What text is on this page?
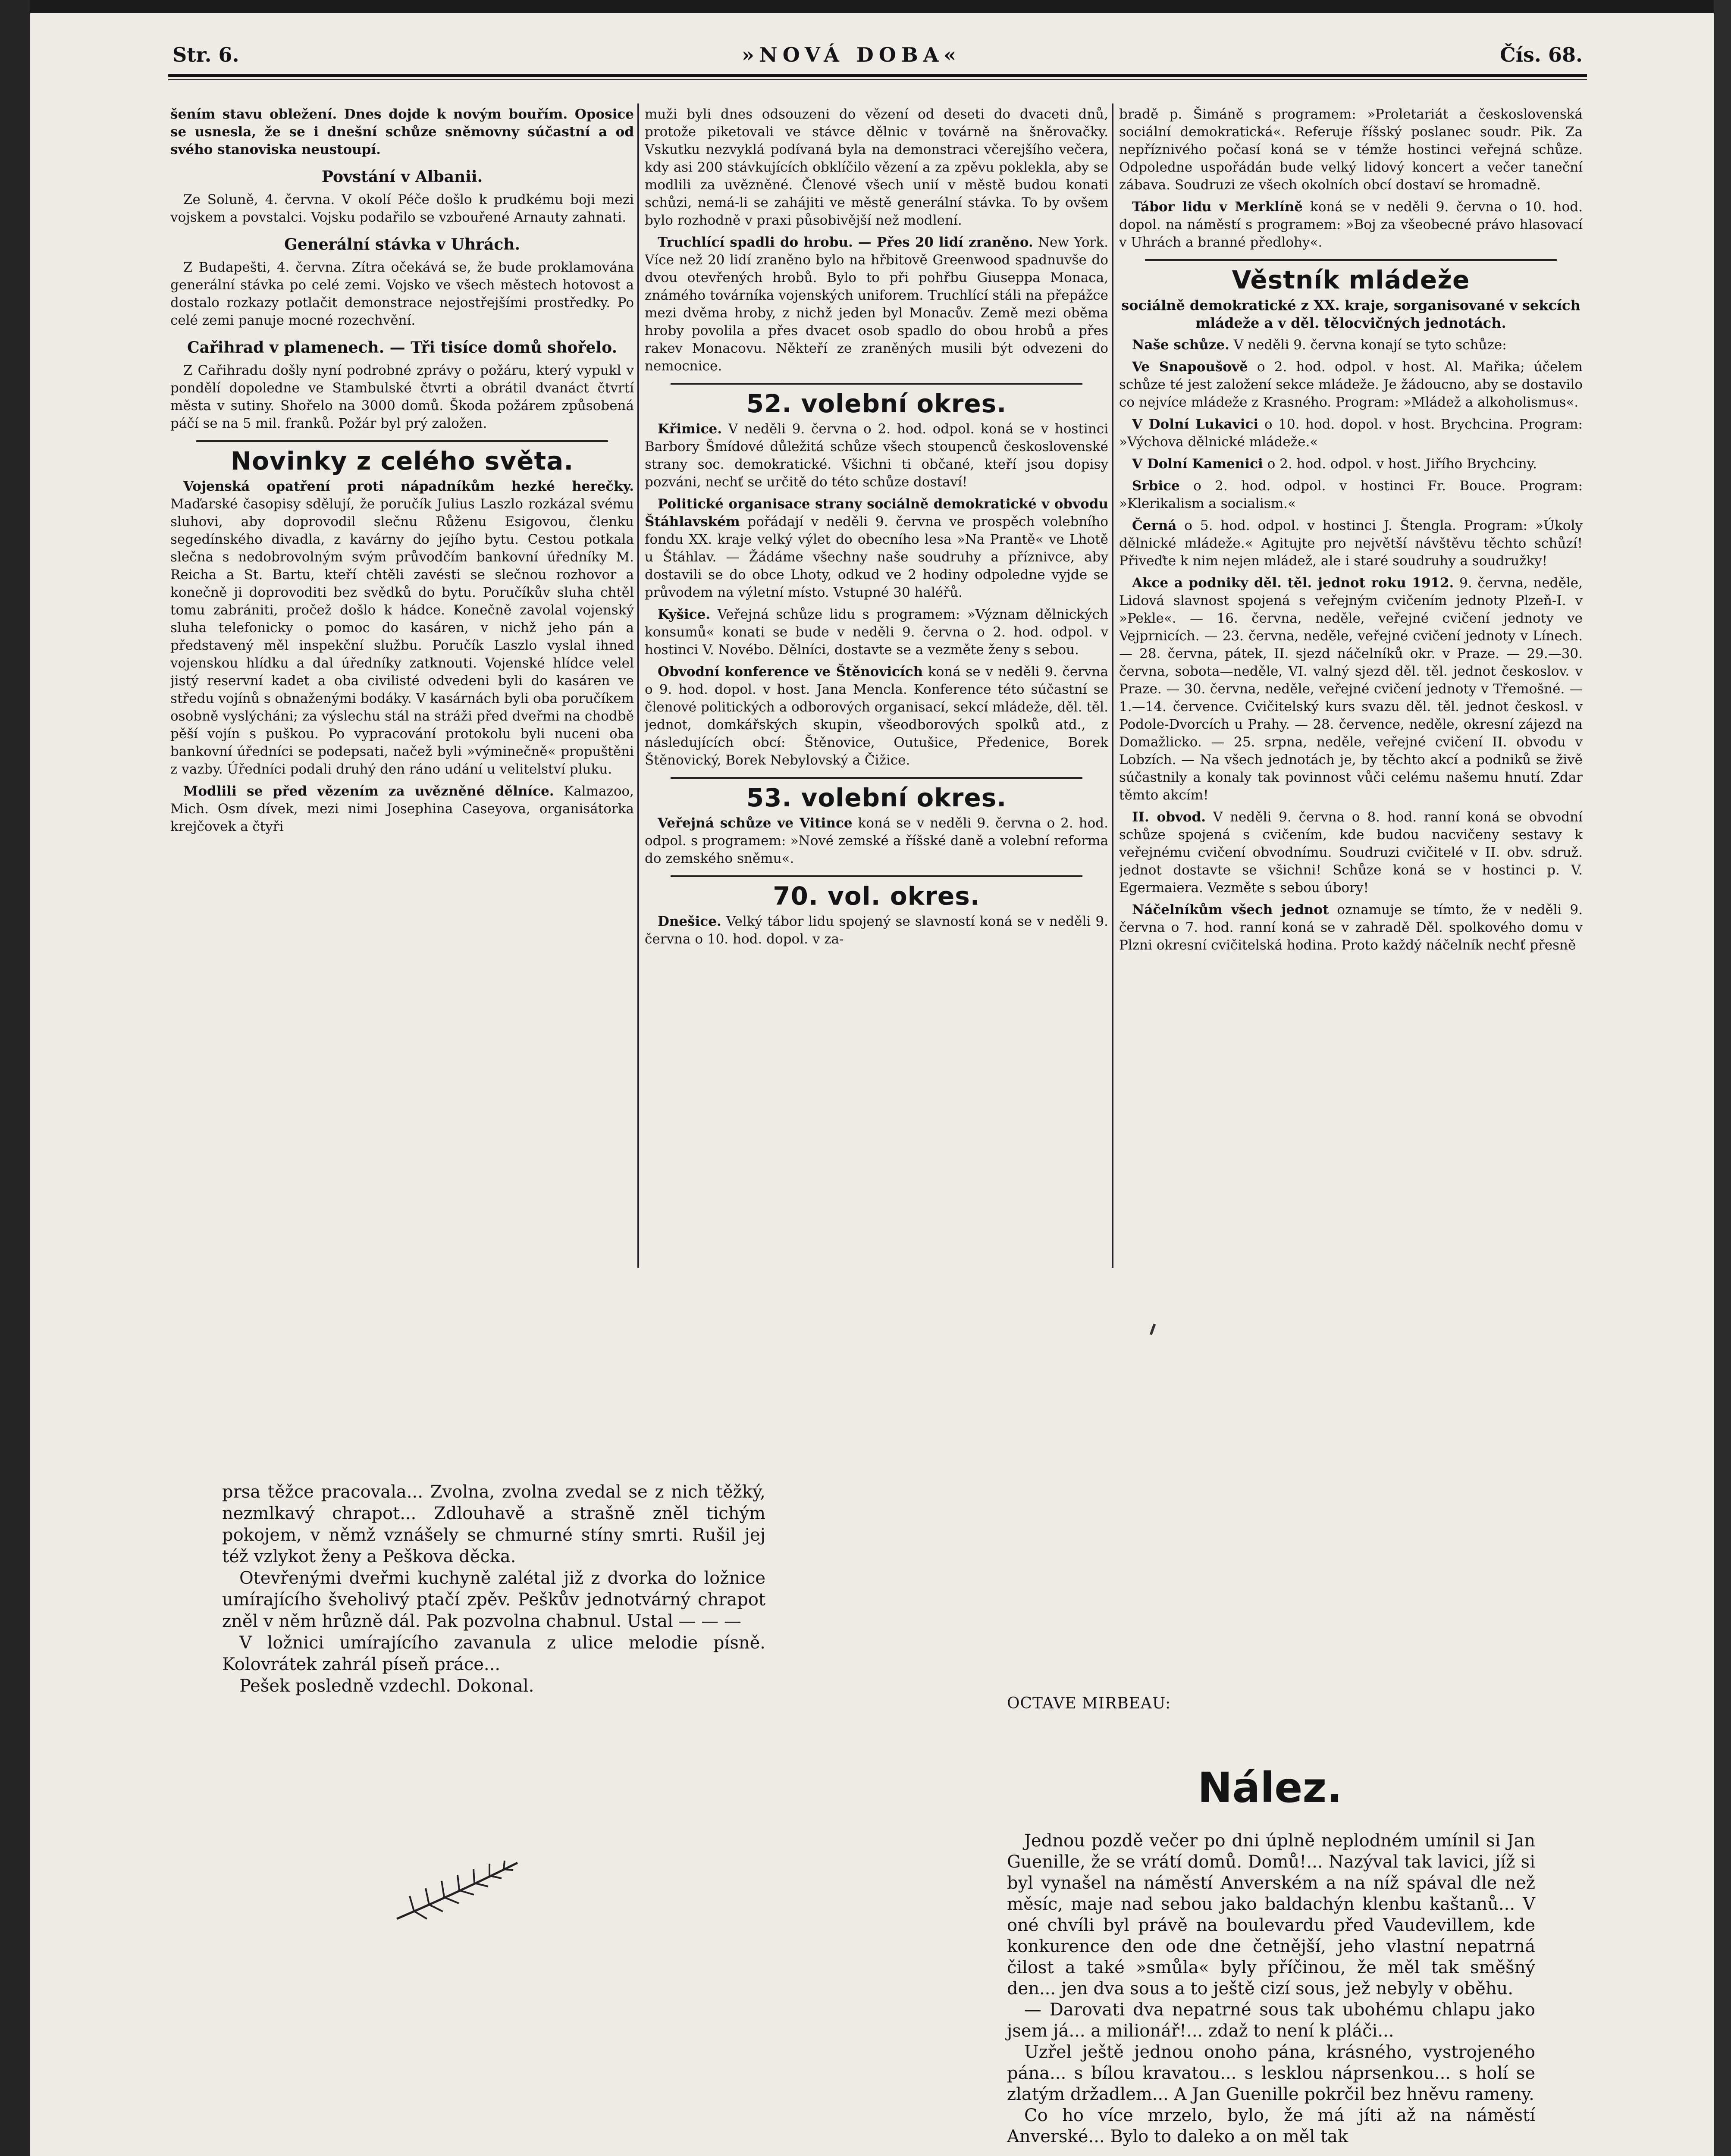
Str. 6.	»NOVÁ DOBA«	Čís. 68.

šením stavu obležení. Dnes dojde k novým bouřím. Oposice se usnesla, že se i dnešní schůze sněmovny súčastní a od svého stanoviska neustoupí.

Povstání v Albanii.

Ze Soluně, 4. června. V okolí Péče došlo k prudkému boji mezi vojskem a povstalci. Vojsku podařilo se vzbouřené Arnauty zahnati.

Generální stávka v Uhrách.

Z Budapešti, 4. června. Zítra očekává se, že bude proklamována generální stávka po celé zemi. Vojsko ve všech městech hotovost a dostalo rozkazy potlačit demonstrace nejostřejšími prostředky. Po celé zemi panuje mocné rozechvění.

Cařihrad v plamenech. — Tři tisíce domů shořelo.

Z Cařihradu došly nyní podrobné zprávy o požáru, který vypukl v pondělí dopoledne ve Stambulské čtvrti a obrátil dvanáct čtvrtí města v sutiny. Shořelo na 3000 domů. Škoda požárem způsobená páčí se na 5 mil. franků. Požár byl prý založen.

Novinky z celého světa.

Vojenská opatření proti nápadníkům hezké herečky. Maďarské časopisy sdělují, že poručík Julius Laszlo rozkázal svému sluhovi, aby doprovodil slečnu Růženu Esigovou, členku segedínského divadla, z kavárny do jejího bytu. Cestou potkala slečna s nedobrovolným svým průvodčím bankovní úředníky M. Reicha a St. Bartu, kteří chtěli zavésti se slečnou rozhovor a konečně ji doprovoditi bez svědků do bytu. Poručíkův sluha chtěl tomu zabrániti, pročež došlo k hádce. Konečně zavolal vojenský sluha telefonicky o pomoc do kasáren, v nichž jeho pán a představený měl inspekční službu. Poručík Laszlo vyslal ihned vojenskou hlídku a dal úředníky zatknouti. Vojenské hlídce velel jistý reservní kadet a oba civilisté odvedeni byli do kasáren ve středu vojínů s obnaženými bodáky. V kasárnách byli oba poručíkem osobně vyslýcháni; za výslechu stál na stráži před dveřmi na chodbě pěší vojín s puškou. Po vypracování protokolu byli nuceni oba bankovní úředníci se podepsati, načež byli »výminečně« propuštěni z vazby. Úředníci podali druhý den ráno udání u velitelství pluku.

Modlili se před vězením za uvězněné dělníce. Kalmazoo, Mich. Osm dívek, mezi nimi Josephina Caseyova, organisátorka krejčovek a čtyři

muži byli dnes odsouzeni do vězení od deseti do dvaceti dnů, protože piketovali ve stávce dělnic v továrně na šněrovačky. Vskutku nezvyklá podívaná byla na demonstraci včerejšího večera, kdy asi 200 stávkujících obklíčilo vězení a za zpěvu poklekla, aby se modlili za uvězněné. Členové všech unií v městě budou konati schůzi, nemá-li se zahájiti ve městě generální stávka. To by ovšem bylo rozhodně v praxi působivější než modlení.

Truchlící spadli do hrobu. — Přes 20 lidí zraněno. New York. Více než 20 lidí zraněno bylo na hřbitově Greenwood spadnuvše do dvou otevřených hrobů. Bylo to při pohřbu Giuseppa Monaca, známého továrníka vojenských uniforem. Truchlící stáli na přepážce mezi dvěma hroby, z nichž jeden byl Monacův. Země mezi oběma hroby povolila a přes dvacet osob spadlo do obou hrobů a přes rakev Monacovu. Někteří ze zraněných musili být odvezeni do nemocnice.

52. volební okres.

Křimice. V neděli 9. června o 2. hod. odpol. koná se v hostinci Barbory Šmídové důležitá schůze všech stoupenců československé strany soc. demokratické. Všichni ti občané, kteří jsou dopisy pozváni, nechť se určitě do této schůze dostaví!

Politické organisace strany sociálně demokratické v obvodu Štáhlavském pořádají v neděli 9. června ve prospěch volebního fondu XX. kraje velký výlet do obecního lesa »Na Prantě« ve Lhotě u Štáhlav. — Žádáme všechny naše soudruhy a příznivce, aby dostavili se do obce Lhoty, odkud ve 2 hodiny odpoledne vyjde se průvodem na výletní místo. Vstupné 30 haléřů.

Kyšice. Veřejná schůze lidu s programem: »Význam dělnických konsumů« konati se bude v neděli 9. června o 2. hod. odpol. v hostinci V. Novébo. Dělníci, dostavte se a vezměte ženy s sebou.

Obvodní konference ve Štěnovicích koná se v neděli 9. června o 9. hod. dopol. v host. Jana Mencla. Konference této súčastní se členové politických a odborových organisací, sekcí mládeže, děl. těl. jednot, domkářských skupin, všeodborových spolků atd., z následujících obcí: Štěnovice, Outušice, Předenice, Borek Štěnovický, Borek Nebylovský a Čižice.

53. volební okres.

Veřejná schůze ve Vitince koná se v neděli 9. června o 2. hod. odpol. s programem: »Nové zemské a říšské daně a volební reforma do zemského sněmu«.

70. vol. okres.

Dnešice. Velký tábor lidu spojený se slavností koná se v neděli 9. června o 10. hod. dopol. v za-

bradě p. Šimáně s programem: »Proletariát a československá sociální demokratická«. Referuje říšský poslanec soudr. Pik. Za nepříznivého počasí koná se v témže hostinci veřejná schůze. Odpoledne uspořádán bude velký lidový koncert a večer taneční zábava. Soudruzi ze všech okolních obcí dostaví se hromadně.

Tábor lidu v Merklíně koná se v neděli 9. června o 10. hod. dopol. na náměstí s programem: »Boj za všeobecné právo hlasovací v Uhrách a branné předlohy«.

Věstník mládeže
sociálně demokratické z XX. kraje, sorganisované v sekcích mládeže a v děl. tělocvičných jednotách.

Naše schůze. V neděli 9. června konají se tyto schůze:

Ve Snapoušově o 2. hod. odpol. v host. Al. Mařika; účelem schůze té jest založení sekce mládeže. Je žádoucno, aby se dostavilo co nejvíce mládeže z Krasného. Program: »Mládež a alkoholismus«.

V Dolní Lukavici o 10. hod. dopol. v host. Brychcina. Program: »Výchova dělnické mládeže.«

V Dolní Kamenici o 2. hod. odpol. v host. Jiřího Brychciny.

Srbice o 2. hod. odpol. v hostinci Fr. Bouce. Program: »Klerikalism a socialism.«

Černá o 5. hod. odpol. v hostinci J. Štengla. Program: »Úkoly dělnické mládeže.« Agitujte pro největší návštěvu těchto schůzí! Přiveďte k nim nejen mládež, ale i staré soudruhy a soudružky!

Akce a podniky děl. těl. jednot roku 1912. 9. června, neděle, Lidová slavnost spojená s veřejným cvičením jednoty Plzeň-I. v »Pekle«. — 16. června, neděle, veřejné cvičení jednoty ve Vejprnicích. — 23. června, neděle, veřejné cvičení jednoty v Línech. — 28. června, pátek, II. sjezd náčelníků okr. v Praze. — 29.—30. června, sobota—neděle, VI. valný sjezd děl. těl. jednot českoslov. v Praze. — 30. června, neděle, veřejné cvičení jednoty v Třemošné. — 1.—14. července. Cvičitelský kurs svazu děl. těl. jednot českosl. v Podole-Dvorcích u Prahy. — 28. července, neděle, okresní zájezd na Domažlicko. — 25. srpna, neděle, veřejné cvičení II. obvodu v Lobzích. — Na všech jednotách je, by těchto akcí a podniků se živě súčastnily a konaly tak povinnost vůči celému našemu hnutí. Zdar těmto akcím!

II. obvod. V neděli 9. června o 8. hod. ranní koná se obvodní schůze spojená s cvičením, kde budou nacvičeny sestavy k veřejnému cvičení obvodnímu. Soudruzi cvičitelé v II. obv. sdruž. jednot dostavte se všichni! Schůze koná se v hostinci p. V. Egermaiera. Vezměte s sebou úbory!

Náčelníkům všech jednot oznamuje se tímto, že v neděli 9. června o 7. hod. ranní koná se v zahradě Děl. spolkového domu v Plzni okresní cvičitelská hodina. Proto každý náčelník nechť přesně

prsa těžce pracovala... Zvolna, zvolna zvedal se z nich těžký, nezmlkavý chrapot... Zdlouhavě a strašně zněl tichým pokojem, v němž vznášely se chmurné stíny smrti. Rušil jej též vzlykot ženy a Peškova děcka.

Otevřenými dveřmi kuchyně zalétal již z dvorka do ložnice umírajícího šveholivý ptačí zpěv. Peškův jednotvárný chrapot zněl v něm hrůzně dál. Pak pozvolna chabnul. Ustal — — —

V ložnici umírajícího zavanula z ulice melodie písně. Kolovrátek zahrál píseň práce...

Pešek posledně vzdechl. Dokonal.

OCTAVE MIRBEAU:
Nález.

Jednou pozdě večer po dni úplně neplodném umínil si Jan Guenille, že se vrátí domů. Domů!... Nazýval tak lavici, jíž si byl vynašel na náměstí Anverském a na níž spával dle než měsíc, maje nad sebou jako baldachýn klenbu kaštanů... V oné chvíli byl právě na boulevardu před Vaudevillem, kde konkurence den ode dne četnější, jeho vlastní nepatrná čilost a také »smůla« byly příčinou, že měl tak směšný den... jen dva sous a to ještě cizí sous, jež nebyly v oběhu.

— Darovati dva nepatrné sous tak ubohému chlapu jako jsem já... a milionář!... zdaž to není k pláči...

Uzřel ještě jednou onoho pána, krásného, vystrojeného pána... s bílou kravatou... s lesklou náprsenkou... s holí se zlatým držadlem... A Jan Guenille pokrčil bez hněvu rameny.

Co ho více mrzelo, bylo, že má jíti až na náměstí Anverské... Bylo to daleko a on měl tak
